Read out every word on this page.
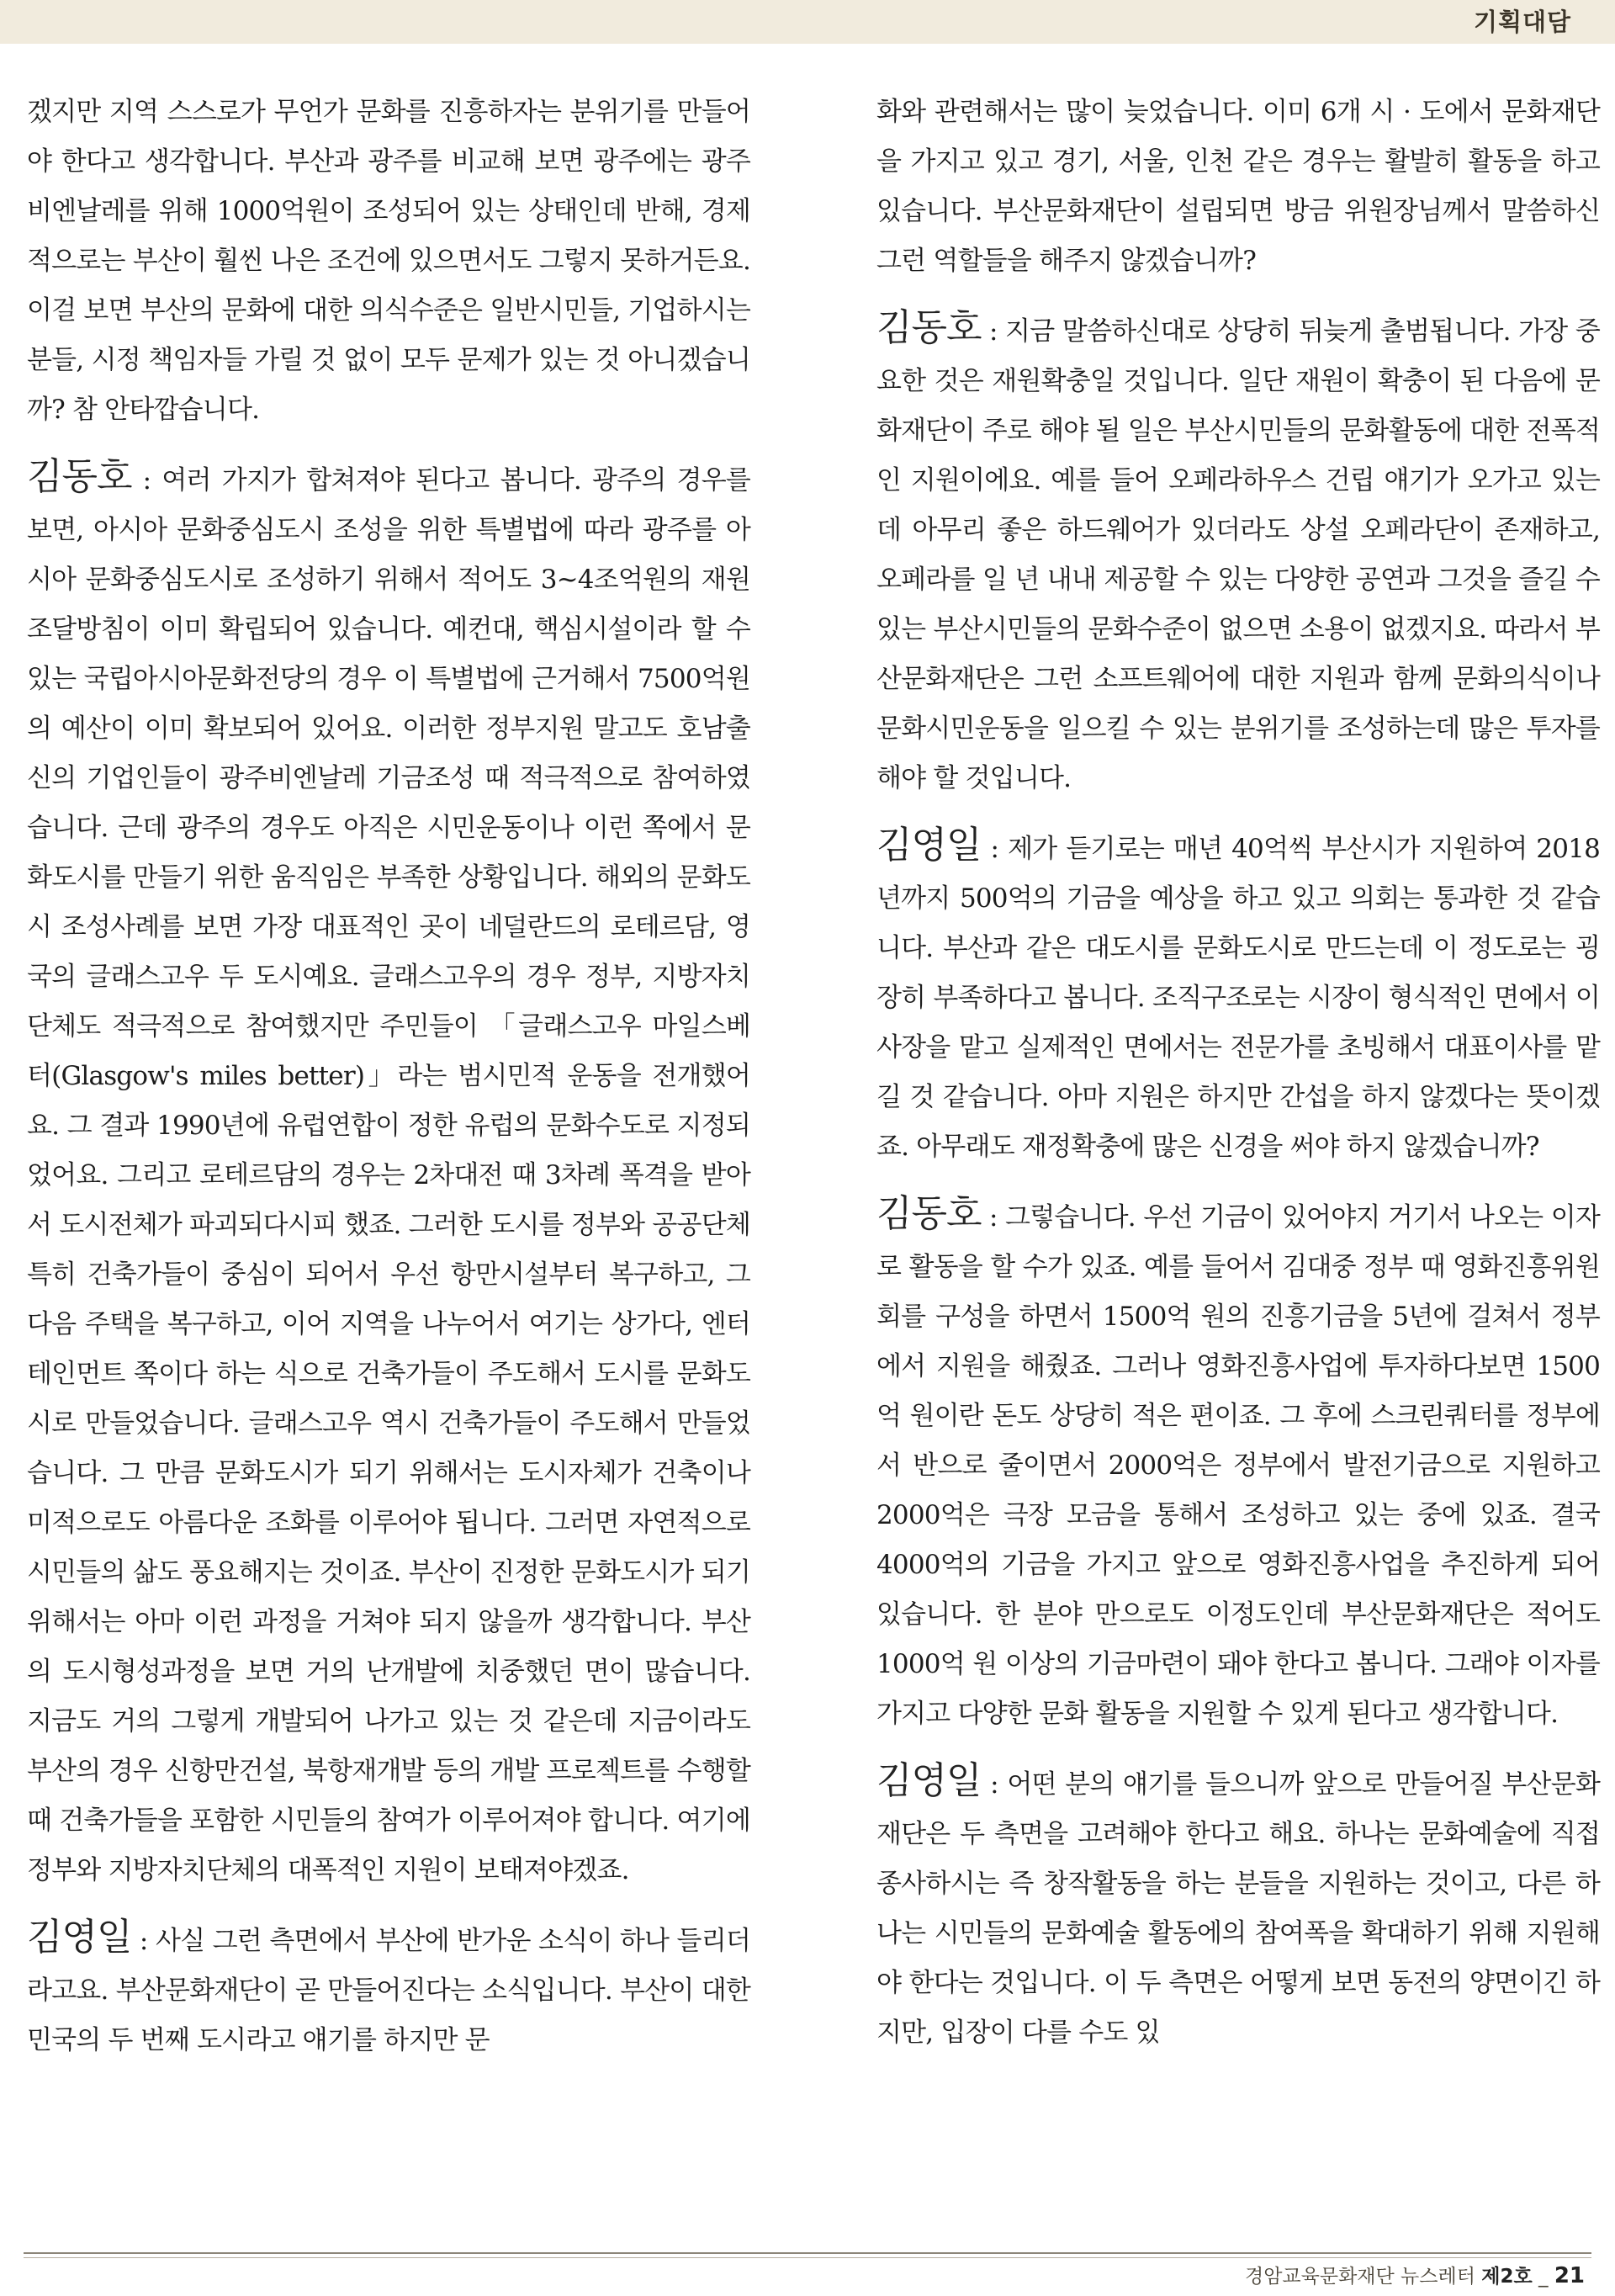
기획대담

겠지만 지역 스스로가 무언가 문화를 진흥하자는 분위기를 만들어야 한다고 생각합니다. 부산과 광주를 비교해 보면 광주에는 광주비엔날레를 위해 1000억원이 조성되어 있는 상태인데 반해, 경제적으로는 부산이 훨씬 나은 조건에 있으면서도 그렇지 못하거든요. 이걸 보면 부산의 문화에 대한 의식수준은 일반시민들, 기업하시는 분들, 시정 책임자들 가릴 것 없이 모두 문제가 있는 것 아니겠습니까? 참 안타깝습니다.

김동호 : 여러 가지가 합쳐져야 된다고 봅니다. 광주의 경우를 보면, 아시아 문화중심도시 조성을 위한 특별법에 따라 광주를 아시아 문화중심도시로 조성하기 위해서 적어도 3~4조억원의 재원조달방침이 이미 확립되어 있습니다. 예컨대, 핵심시설이라 할 수 있는 국립아시아문화전당의 경우 이 특별법에 근거해서 7500억원의 예산이 이미 확보되어 있어요. 이러한 정부지원 말고도 호남출신의 기업인들이 광주비엔날레 기금조성 때 적극적으로 참여하였습니다. 근데 광주의 경우도 아직은 시민운동이나 이런 쪽에서 문화도시를 만들기 위한 움직임은 부족한 상황입니다. 해외의 문화도시 조성사례를 보면 가장 대표적인 곳이 네덜란드의 로테르담, 영국의 글래스고우 두 도시예요. 글래스고우의 경우 정부, 지방자치단체도 적극적으로 참여했지만 주민들이 「글래스고우 마일스베터(Glasgow's miles better)」라는 범시민적 운동을 전개했어요. 그 결과 1990년에 유럽연합이 정한 유럽의 문화수도로 지정되었어요. 그리고 로테르담의 경우는 2차대전 때 3차례 폭격을 받아서 도시전체가 파괴되다시피 했죠. 그러한 도시를 정부와 공공단체 특히 건축가들이 중심이 되어서 우선 항만시설부터 복구하고, 그 다음 주택을 복구하고, 이어 지역을 나누어서 여기는 상가다, 엔터테인먼트 쪽이다 하는 식으로 건축가들이 주도해서 도시를 문화도시로 만들었습니다. 글래스고우 역시 건축가들이 주도해서 만들었습니다. 그 만큼 문화도시가 되기 위해서는 도시자체가 건축이나 미적으로도 아름다운 조화를 이루어야 됩니다. 그러면 자연적으로 시민들의 삶도 풍요해지는 것이죠. 부산이 진정한 문화도시가 되기 위해서는 아마 이런 과정을 거쳐야 되지 않을까 생각합니다. 부산의 도시형성과정을 보면 거의 난개발에 치중했던 면이 많습니다. 지금도 거의 그렇게 개발되어 나가고 있는 것 같은데 지금이라도 부산의 경우 신항만건설, 북항재개발 등의 개발 프로젝트를 수행할 때 건축가들을 포함한 시민들의 참여가 이루어져야 합니다. 여기에 정부와 지방자치단체의 대폭적인 지원이 보태져야겠죠.

김영일 : 사실 그런 측면에서 부산에 반가운 소식이 하나 들리더라고요. 부산문화재단이 곧 만들어진다는 소식입니다. 부산이 대한민국의 두 번째 도시라고 얘기를 하지만 문

화와 관련해서는 많이 늦었습니다. 이미 6개 시 · 도에서 문화재단을 가지고 있고 경기, 서울, 인천 같은 경우는 활발히 활동을 하고 있습니다. 부산문화재단이 설립되면 방금 위원장님께서 말씀하신 그런 역할들을 해주지 않겠습니까?

김동호 : 지금 말씀하신대로 상당히 뒤늦게 출범됩니다. 가장 중요한 것은 재원확충일 것입니다. 일단 재원이 확충이 된 다음에 문화재단이 주로 해야 될 일은 부산시민들의 문화활동에 대한 전폭적인 지원이에요. 예를 들어 오페라하우스 건립 얘기가 오가고 있는데 아무리 좋은 하드웨어가 있더라도 상설 오페라단이 존재하고, 오페라를 일 년 내내 제공할 수 있는 다양한 공연과 그것을 즐길 수 있는 부산시민들의 문화수준이 없으면 소용이 없겠지요. 따라서 부산문화재단은 그런 소프트웨어에 대한 지원과 함께 문화의식이나 문화시민운동을 일으킬 수 있는 분위기를 조성하는데 많은 투자를 해야 할 것입니다.

김영일 : 제가 듣기로는 매년 40억씩 부산시가 지원하여 2018년까지 500억의 기금을 예상을 하고 있고 의회는 통과한 것 같습니다. 부산과 같은 대도시를 문화도시로 만드는데 이 정도로는 굉장히 부족하다고 봅니다. 조직구조로는 시장이 형식적인 면에서 이사장을 맡고 실제적인 면에서는 전문가를 초빙해서 대표이사를 맡길 것 같습니다. 아마 지원은 하지만 간섭을 하지 않겠다는 뜻이겠죠. 아무래도 재정확충에 많은 신경을 써야 하지 않겠습니까?

김동호 : 그렇습니다. 우선 기금이 있어야지 거기서 나오는 이자로 활동을 할 수가 있죠. 예를 들어서 김대중 정부 때 영화진흥위원회를 구성을 하면서 1500억 원의 진흥기금을 5년에 걸쳐서 정부에서 지원을 해줬죠. 그러나 영화진흥사업에 투자하다보면 1500억 원이란 돈도 상당히 적은 편이죠. 그 후에 스크린쿼터를 정부에서 반으로 줄이면서 2000억은 정부에서 발전기금으로 지원하고 2000억은 극장 모금을 통해서 조성하고 있는 중에 있죠. 결국 4000억의 기금을 가지고 앞으로 영화진흥사업을 추진하게 되어 있습니다. 한 분야 만으로도 이정도인데 부산문화재단은 적어도 1000억 원 이상의 기금마련이 돼야 한다고 봅니다. 그래야 이자를 가지고 다양한 문화 활동을 지원할 수 있게 된다고 생각합니다.

김영일 : 어떤 분의 얘기를 들으니까 앞으로 만들어질 부산문화재단은 두 측면을 고려해야 한다고 해요. 하나는 문화예술에 직접 종사하시는 즉 창작활동을 하는 분들을 지원하는 것이고, 다른 하나는 시민들의 문화예술 활동에의 참여폭을 확대하기 위해 지원해야 한다는 것입니다. 이 두 측면은 어떻게 보면 동전의 양면이긴 하지만, 입장이 다를 수도 있

경암교육문화재단 뉴스레터 제2호 _ 21
